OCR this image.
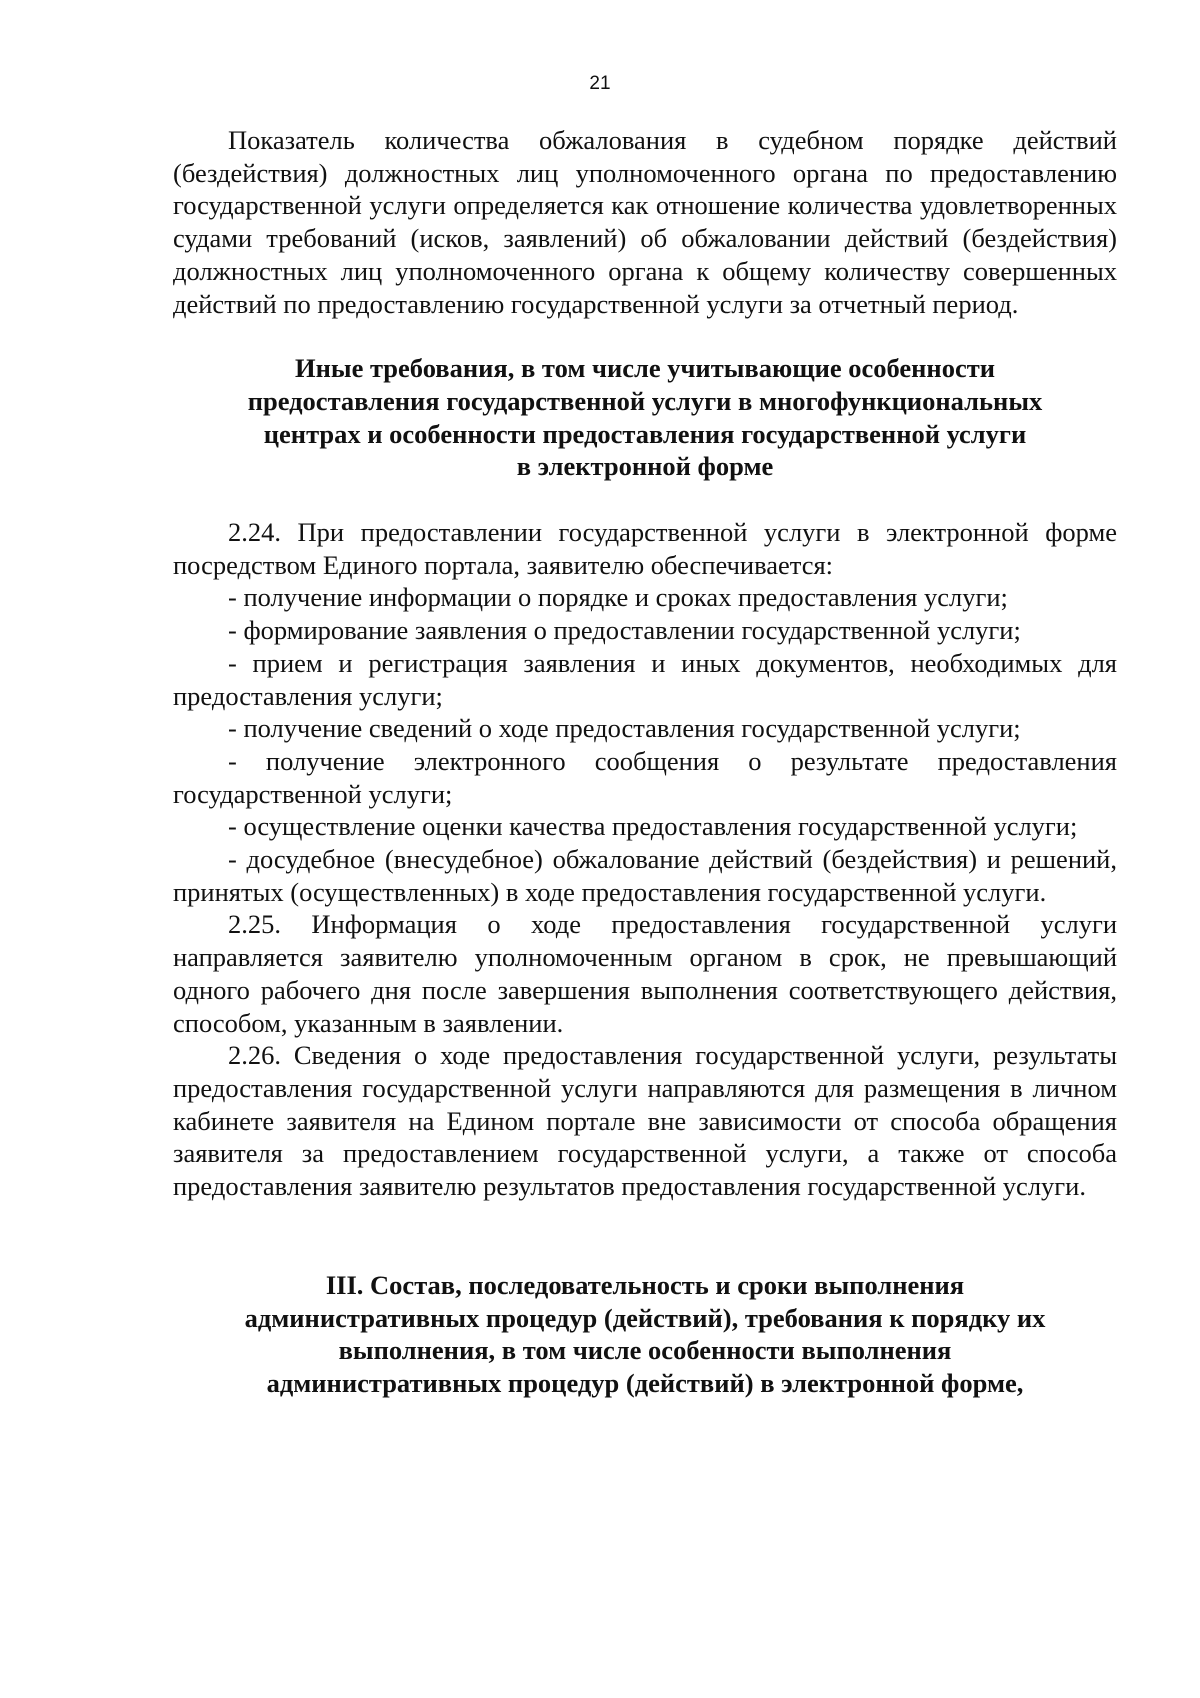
21

Показатель количества обжалования в судебном порядке действий (бездействия) должностных лиц уполномоченного органа по предоставлению государственной услуги определяется как отношение количества удовлетворенных судами требований (исков, заявлений) об обжаловании действий (бездействия) должностных лиц уполномоченного органа к общему количеству совершенных действий по предоставлению государственной услуги за отчетный период.

Иные требования, в том числе учитывающие особенности
предоставления государственной услуги в многофункциональных
центрах и особенности предоставления государственной услуги
в электронной форме

2.24. При предоставлении государственной услуги в электронной форме посредством Единого портала, заявителю обеспечивается:

- получение информации о порядке и сроках предоставления услуги;

- формирование заявления о предоставлении государственной услуги;

- прием и регистрация заявления и иных документов, необходимых для предоставления услуги;

- получение сведений о ходе предоставления государственной услуги;

- получение электронного сообщения о результате предоставления государственной услуги;

- осуществление оценки качества предоставления государственной услуги;

- досудебное (внесудебное) обжалование действий (бездействия) и решений, принятых (осуществленных) в ходе предоставления государственной услуги.

2.25. Информация о ходе предоставления государственной услуги направляется заявителю уполномоченным органом в срок, не превышающий одного рабочего дня после завершения выполнения соответствующего действия, способом, указанным в заявлении.

2.26. Сведения о ходе предоставления государственной услуги, результаты предоставления государственной услуги направляются для размещения в личном кабинете заявителя на Едином портале вне зависимости от способа обращения заявителя за предоставлением государственной услуги, а также от способа предоставления заявителю результатов предоставления государственной услуги.

III. Состав, последовательность и сроки выполнения
административных процедур (действий), требования к порядку их
выполнения, в том числе особенности выполнения
административных процедур (действий) в электронной форме,
